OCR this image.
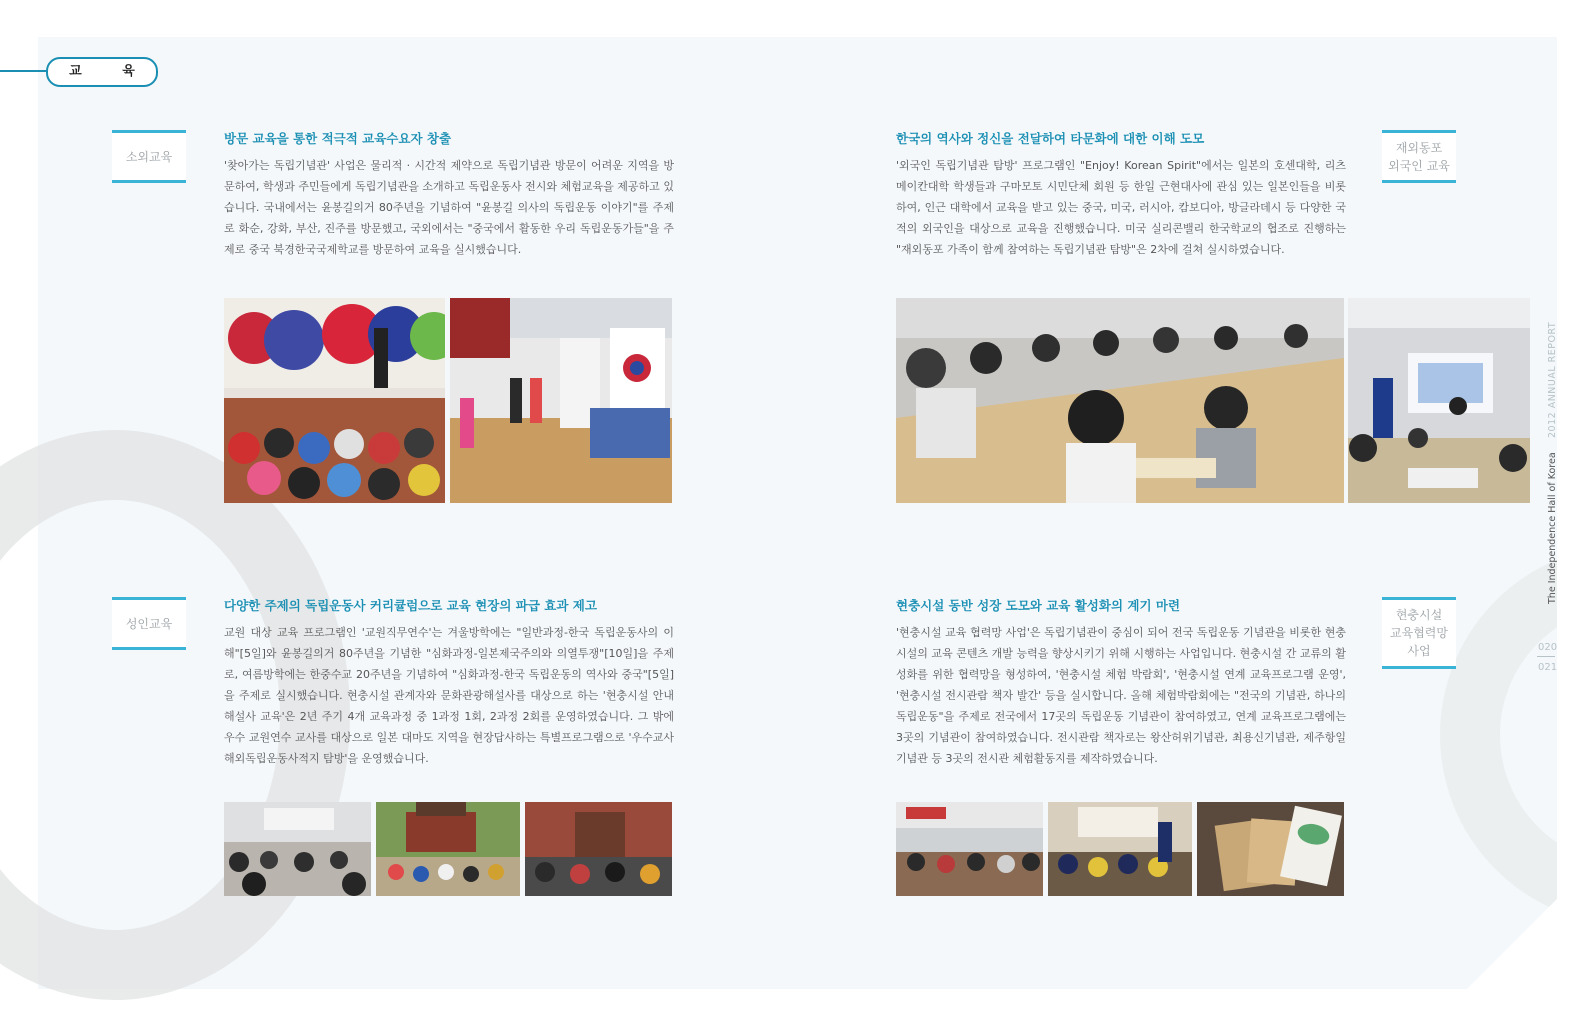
교 육
소외교육
방문 교육을 통한 적극적 교육수요자 창출
'찾아가는 독립기념관' 사업은 물리적 · 시간적 제약으로 독립기념관 방문이 어려운 지역을 방문하여, 학생과 주민들에게 독립기념관을 소개하고 독립운동사 전시와 체험교육을 제공하고 있습니다. 국내에서는 윤봉길의거 80주년을 기념하여 "윤봉길 의사의 독립운동 이야기"를 주제로 화순, 강화, 부산, 진주를 방문했고, 국외에서는 "중국에서 활동한 우리 독립운동가들"을 주제로 중국 북경한국국제학교를 방문하여 교육을 실시했습니다.
성인교육
다양한 주제의 독립운동사 커리큘럼으로 교육 현장의 파급 효과 제고
교원 대상 교육 프로그램인 '교원직무연수'는 겨울방학에는 "일반과정-한국 독립운동사의 이해"[5일]와 윤봉길의거 80주년을 기념한 "심화과정-일본제국주의와 의열투쟁"[10일]을 주제로, 여름방학에는 한중수교 20주년을 기념하여 "심화과정-한국 독립운동의 역사와 중국"[5일]을 주제로 실시했습니다. 현충시설 관계자와 문화관광해설사를 대상으로 하는 '현충시설 안내해설사 교육'은 2년 주기 4개 교육과정 중 1과정 1회, 2과정 2회를 운영하였습니다. 그 밖에 우수 교원연수 교사를 대상으로 일본 대마도 지역을 현장답사하는 특별프로그램으로 '우수교사 해외독립운동사적지 탐방'을 운영했습니다.
재외동포
외국인 교육
한국의 역사와 정신을 전달하여 타문화에 대한 이해 도모
'외국인 독립기념관 탐방' 프로그램인 "Enjoy! Korean Spirit"에서는 일본의 호센대학, 리츠메이칸대학 학생들과 구마모토 시민단체 회원 등 한일 근현대사에 관심 있는 일본인들을 비롯하여, 인근 대학에서 교육을 받고 있는 중국, 미국, 러시아, 캄보디아, 방글라데시 등 다양한 국적의 외국인을 대상으로 교육을 진행했습니다. 미국 실리콘밸리 한국학교의 협조로 진행하는 "재외동포 가족이 함께 참여하는 독립기념관 탐방"은 2차에 걸쳐 실시하였습니다.
현충시설
교육협력망
사업
현충시설 동반 성장 도모와 교육 활성화의 계기 마련
'현충시설 교육 협력망 사업'은 독립기념관이 중심이 되어 전국 독립운동 기념관을 비롯한 현충시설의 교육 콘텐츠 개발 능력을 향상시키기 위해 시행하는 사업입니다. 현충시설 간 교류의 활성화를 위한 협력망을 형성하여, '현충시설 체험 박람회', '현충시설 연계 교육프로그램 운영', '현충시설 전시관람 책자 발간' 등을 실시합니다. 올해 체험박람회에는 "전국의 기념관, 하나의 독립운동"을 주제로 전국에서 17곳의 독립운동 기념관이 참여하였고, 연계 교육프로그램에는 3곳의 기념관이 참여하였습니다. 전시관람 책자로는 왕산허위기념관, 최용신기념관, 제주항일기념관 등 3곳의 전시관 체험활동지를 제작하였습니다.
2012 ANNUAL REPORT
The Independence Hall of Korea
020
021
